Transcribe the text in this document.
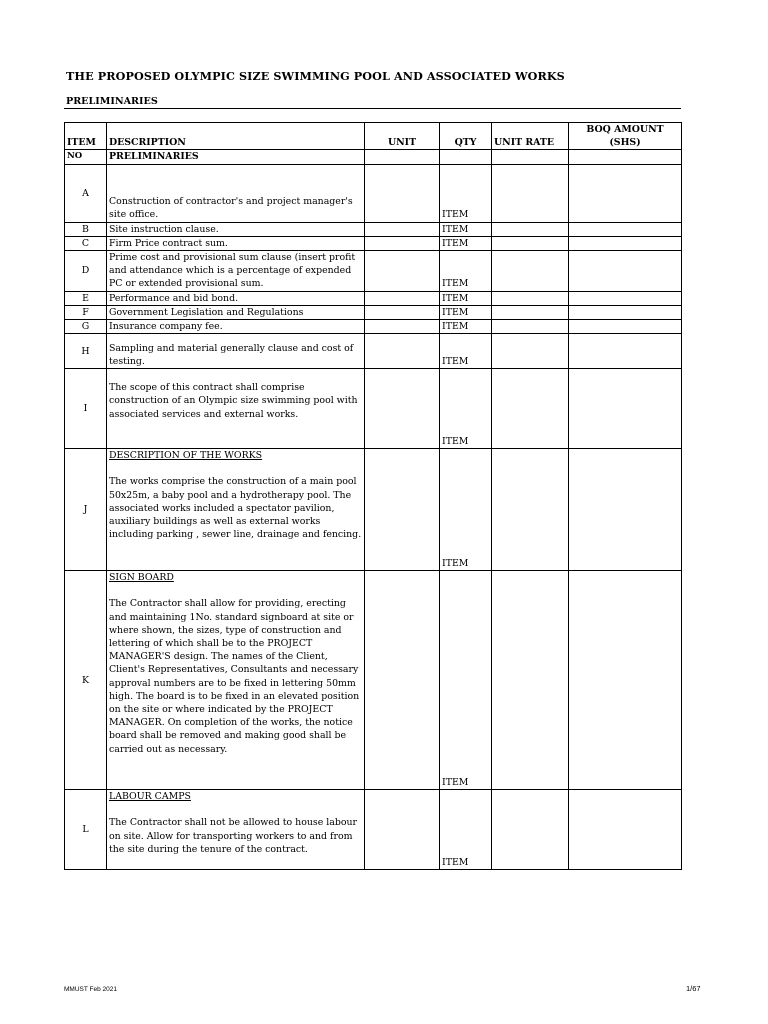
THE PROPOSED OLYMPIC SIZE SWIMMING POOL AND ASSOCIATED WORKS
PRELIMINARIES
ITEM	DESCRIPTION	UNIT	QTY	UNIT RATE	BOQ AMOUNT (SHS)
NO	PRELIMINARIES				
A	Construction of contractor's and project manager's site office.		ITEM		
B	Site instruction clause.		ITEM		
C	Firm Price contract sum.		ITEM		
D	Prime cost and provisional sum clause (insert profit and attendance which is a percentage of expended PC or extended provisional sum.		ITEM		
E	Performance and bid bond.		ITEM		
F	Government Legislation and Regulations		ITEM		
G	Insurance company fee.		ITEM		
H	Sampling and material generally clause and cost of testing.		ITEM		
I	The scope of this contract shall comprise construction of an Olympic size swimming pool with associated services and external works.		ITEM		
J	DESCRIPTION OF THE WORKS
The works comprise the construction of a main pool 50x25m, a baby pool and a hydrotherapy pool. The associated works included a spectator pavilion, auxiliary buildings as well as external works including parking , sewer line, drainage and fencing.		ITEM		
K	SIGN BOARD
The Contractor shall allow for providing, erecting and maintaining 1No. standard signboard at site or where shown, the sizes, type of construction and lettering of which shall be to the PROJECT MANAGER'S design. The names of the Client, Client's Representatives, Consultants and necessary approval numbers are to be fixed in lettering 50mm high. The board is to be fixed in an elevated position on the site or where indicated by the PROJECT MANAGER. On completion of the works, the notice board shall be removed and making good shall be carried out as necessary.		ITEM		
L	LABOUR CAMPS
The Contractor shall not be allowed to house labour on site. Allow for transporting workers to and from the site during the tenure of the contract.		ITEM		
MMUST Feb 2021	1/67
